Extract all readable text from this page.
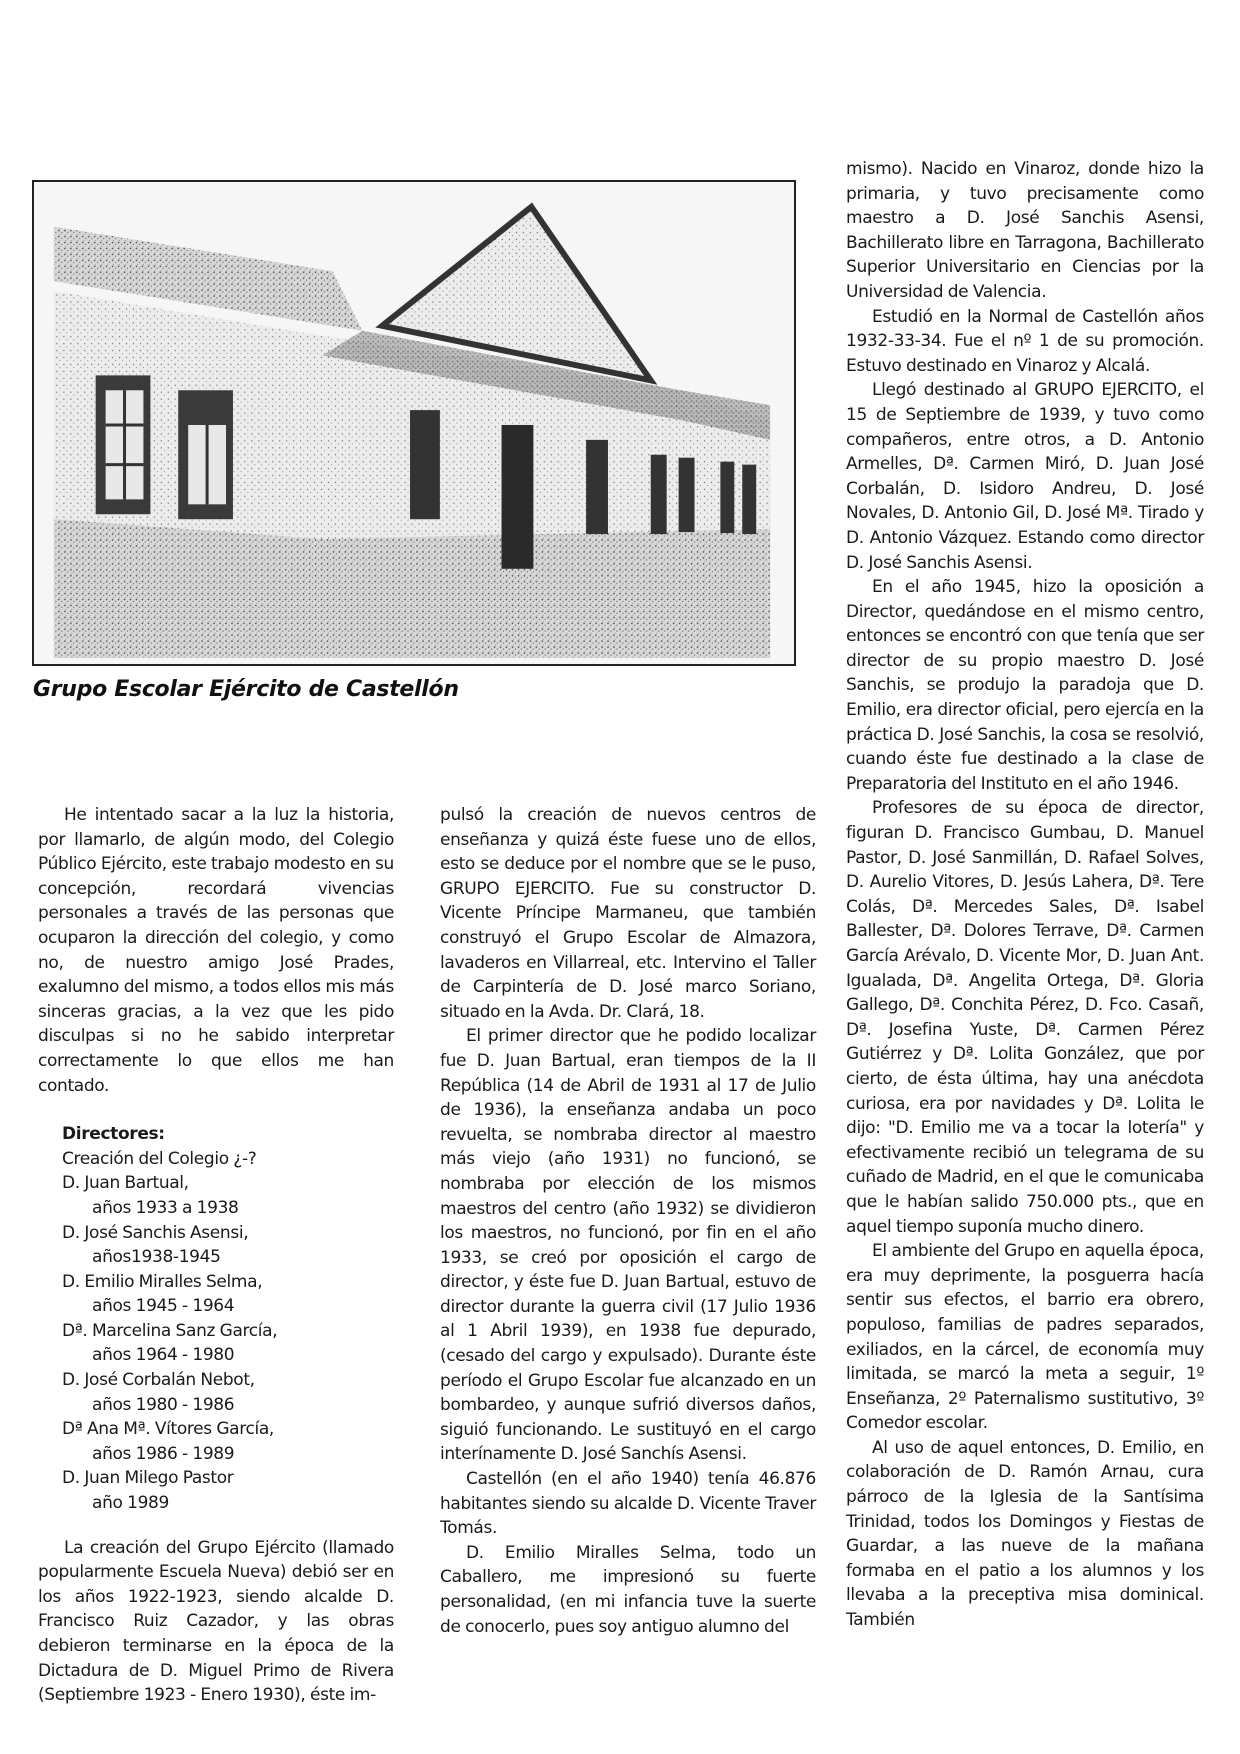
Grupo Escolar Ejército de Castellón

He intentado sacar a la luz la historia, por llamarlo, de algún modo, del Colegio Público Ejército, este trabajo modesto en su concepción, recordará vivencias personales a través de las personas que ocuparon la dirección del colegio, y como no, de nuestro amigo José Prades, exalumno del mismo, a todos ellos mis más sinceras gracias, a la vez que les pido disculpas si no he sabido interpretar correctamente lo que ellos me han contado.

Directores:
Creación del Colegio ¿-?
D. Juan Bartual,
años 1933 a 1938
D. José Sanchis Asensi,
años1938-1945
D. Emilio Miralles Selma,
años 1945 - 1964
Dª. Marcelina Sanz García,
años 1964 - 1980
D. José Corbalán Nebot,
años 1980 - 1986
Dª Ana Mª. Vítores García,
años 1986 - 1989
D. Juan Milego Pastor
año 1989

La creación del Grupo Ejército (llamado popularmente Escuela Nueva) debió ser en los años 1922-1923, siendo alcalde D. Francisco Ruiz Cazador, y las obras debieron terminarse en la época de la Dictadura de D. Miguel Primo de Rivera (Septiembre 1923 - Enero 1930), éste im-

pulsó la creación de nuevos centros de enseñanza y quizá éste fuese uno de ellos, esto se deduce por el nombre que se le puso, GRUPO EJERCITO. Fue su constructor D. Vicente Príncipe Marmaneu, que también construyó el Grupo Escolar de Almazora, lavaderos en Villarreal, etc. Intervino el Taller de Carpintería de D. José marco Soriano, situado en la Avda. Dr. Clará, 18.

El primer director que he podido localizar fue D. Juan Bartual, eran tiempos de la II República (14 de Abril de 1931 al 17 de Julio de 1936), la enseñanza andaba un poco revuelta, se nombraba director al maestro más viejo (año 1931) no funcionó, se nombraba por elección de los mismos maestros del centro (año 1932) se dividieron los maestros, no funcionó, por fin en el año 1933, se creó por oposición el cargo de director, y éste fue D. Juan Bartual, estuvo de director durante la guerra civil (17 Julio 1936 al 1 Abril 1939), en 1938 fue depurado, (cesado del cargo y expulsado). Durante éste período el Grupo Escolar fue alcanzado en un bombardeo, y aunque sufrió diversos daños, siguió funcionando. Le sustituyó en el cargo interínamente D. José Sanchís Asensi.

Castellón (en el año 1940) tenía 46.876 habitantes siendo su alcalde D. Vicente Traver Tomás.

D. Emilio Miralles Selma, todo un Caballero, me impresionó su fuerte personalidad, (en mi infancia tuve la suerte de conocerlo, pues soy antiguo alumno del

mismo). Nacido en Vinaroz, donde hizo la primaria, y tuvo precisamente como maestro a D. José Sanchis Asensi, Bachillerato libre en Tarragona, Bachillerato Superior Universitario en Ciencias por la Universidad de Valencia.

Estudió en la Normal de Castellón años 1932-33-34. Fue el nº 1 de su promoción. Estuvo destinado en Vinaroz y Alcalá.

Llegó destinado al GRUPO EJERCITO, el 15 de Septiembre de 1939, y tuvo como compañeros, entre otros, a D. Antonio Armelles, Dª. Carmen Miró, D. Juan José Corbalán, D. Isidoro Andreu, D. José Novales, D. Antonio Gil, D. José Mª. Tirado y D. Antonio Vázquez. Estando como director D. José Sanchis Asensi.

En el año 1945, hizo la oposición a Director, quedándose en el mismo centro, entonces se encontró con que tenía que ser director de su propio maestro D. José Sanchis, se produjo la paradoja que D. Emilio, era director oficial, pero ejercía en la práctica D. José Sanchis, la cosa se resolvió, cuando éste fue destinado a la clase de Preparatoria del Instituto en el año 1946.

Profesores de su época de director, figuran D. Francisco Gumbau, D. Manuel Pastor, D. José Sanmillán, D. Rafael Solves, D. Aurelio Vitores, D. Jesús Lahera, Dª. Tere Colás, Dª. Mercedes Sales, Dª. Isabel Ballester, Dª. Dolores Terrave, Dª. Carmen García Arévalo, D. Vicente Mor, D. Juan Ant. Igualada, Dª. Angelita Ortega, Dª. Gloria Gallego, Dª. Conchita Pérez, D. Fco. Casañ, Dª. Josefina Yuste, Dª. Carmen Pérez Gutiérrez y Dª. Lolita González, que por cierto, de ésta última, hay una anécdota curiosa, era por navidades y Dª. Lolita le dijo: "D. Emilio me va a tocar la lotería" y efectivamente recibió un telegrama de su cuñado de Madrid, en el que le comunicaba que le habían salido 750.000 pts., que en aquel tiempo suponía mucho dinero.

El ambiente del Grupo en aquella época, era muy deprimente, la posguerra hacía sentir sus efectos, el barrio era obrero, populoso, familias de padres separados, exiliados, en la cárcel, de economía muy limitada, se marcó la meta a seguir, 1º Enseñanza, 2º Paternalismo sustitutivo, 3º Comedor escolar.

Al uso de aquel entonces, D. Emilio, en colaboración de D. Ramón Arnau, cura párroco de la Iglesia de la Santísima Trinidad, todos los Domingos y Fiestas de Guardar, a las nueve de la mañana formaba en el patio a los alumnos y los llevaba a la preceptiva misa dominical. También
